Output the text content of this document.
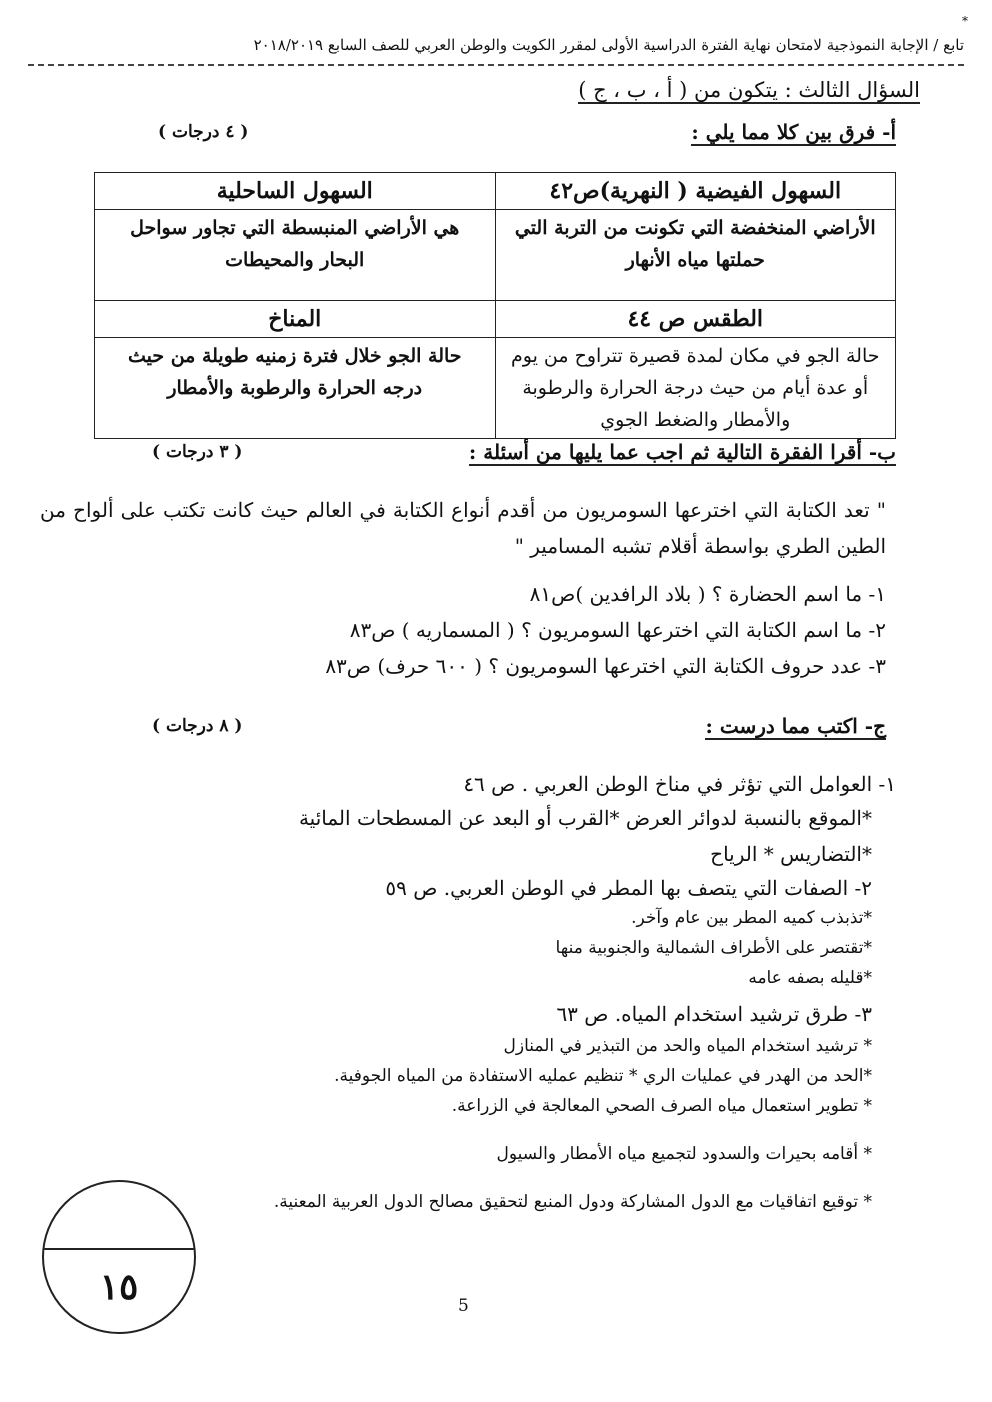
*
تابع / الإجابة النموذجية لامتحان نهاية الفترة الدراسية الأولى لمقرر الكويت والوطن العربي للصف السابع ٢٠١٨/٢٠١٩
السؤال الثالث : يتكون من ( أ ، ب ، ج )
أ- فرق بين كلا مما يلي :
( ٤ درجات )
السهول الفيضية ( النهرية)ص٤٢	السهول الساحلية
الأراضي المنخفضة التي تكونت من التربة التي حملتها مياه الأنهار	هي الأراضي المنبسطة التي تجاور سواحل البحار والمحيطات
الطقس ص ٤٤	المناخ
حالة الجو في مكان لمدة قصيرة تتراوح من يوم أو عدة أيام من حيث درجة الحرارة والرطوبة والأمطار والضغط الجوي	حالة الجو خلال فترة زمنيه طويلة من حيث درجه الحرارة والرطوبة والأمطار
ب- أقرا الفقرة التالية ثم اجب عما يليها من أسئلة :
( ٣ درجات )
" تعد الكتابة التي اخترعها السومريون من أقدم أنواع الكتابة في العالم حيث كانت تكتب على ألواح من الطين الطري بواسطة أقلام تشبه المسامير "
١- ما اسم الحضارة ؟ ( بلاد الرافدين )ص٨١
٢- ما اسم الكتابة التي اخترعها السومريون ؟ ( المسماريه ) ص٨٣
٣- عدد حروف الكتابة التي اخترعها السومريون ؟ ( ٦٠٠ حرف) ص٨٣
ج- اكتب مما درست :
( ٨ درجات )
١- العوامل التي تؤثر في مناخ الوطن العربي . ص ٤٦
*الموقع بالنسبة لدوائر العرض *القرب أو البعد عن المسطحات المائية
*التضاريس * الرياح
٢- الصفات التي يتصف بها المطر في الوطن العربي. ص ٥٩
*تذبذب كميه المطر بين عام وآخر.
*تقتصر على الأطراف الشمالية والجنوبية منها
*قليله بصفه عامه
٣- طرق ترشيد استخدام المياه. ص ٦٣
* ترشيد استخدام المياه والحد من التبذير في المنازل
*الحد من الهدر في عمليات الري * تنظيم عمليه الاستفادة من المياه الجوفية.
* تطوير استعمال مياه الصرف الصحي المعالجة في الزراعة.
* أقامه بحيرات والسدود لتجميع مياه الأمطار والسيول
* توقيع اتفاقيات مع الدول المشاركة ودول المنبع لتحقيق مصالح الدول العربية المعنية.
١٥	5
